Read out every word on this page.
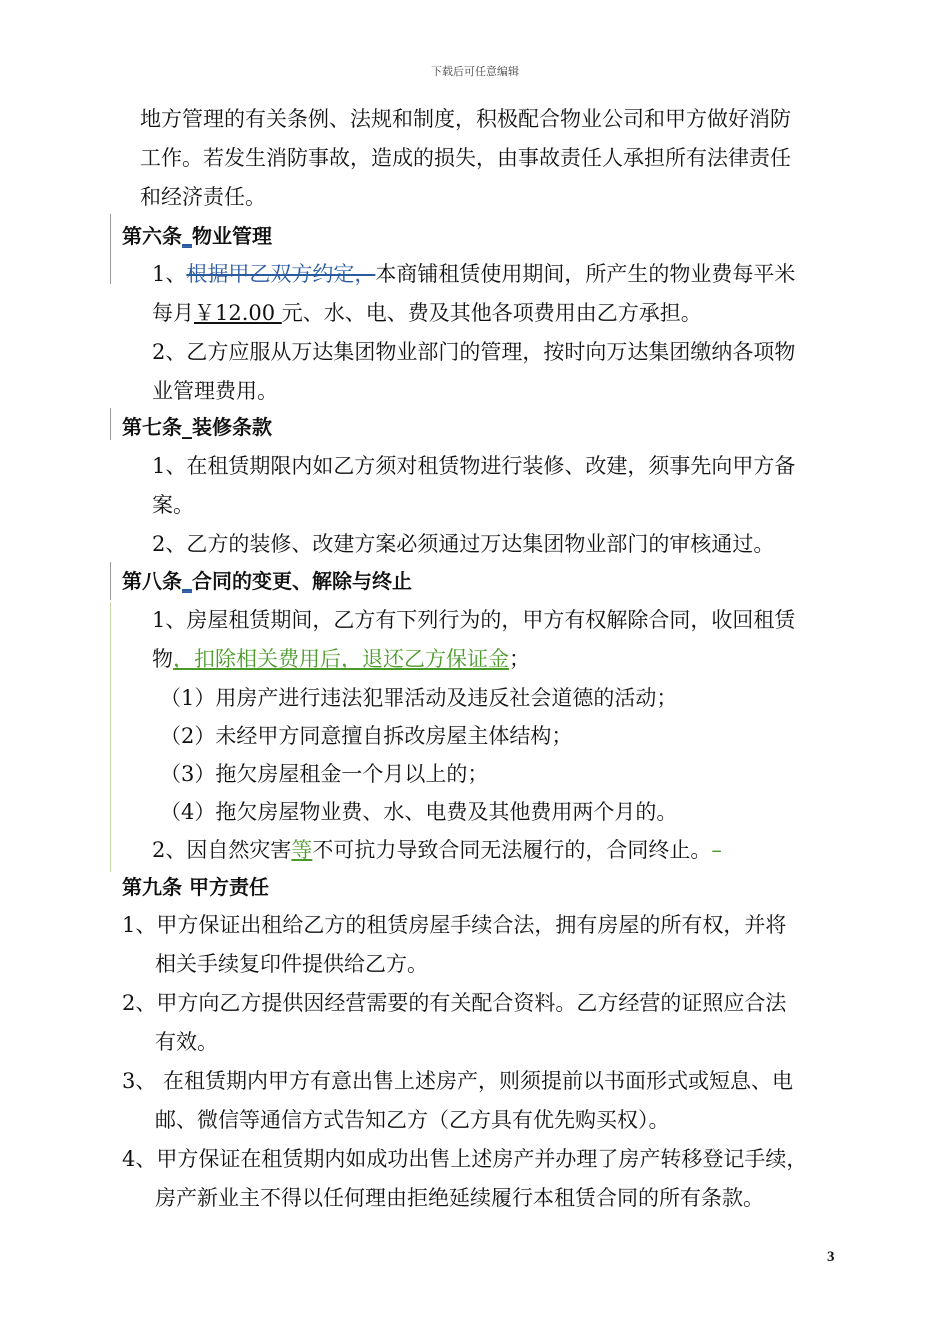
下载后可任意编辑
地方管理的有关条例、法规和制度，积极配合物业公司和甲方做好消防
工作。若发生消防事故，造成的损失，由事故责任人承担所有法律责任
和经济责任。
第六条_物业管理
1、根据甲乙双方约定，本商铺租赁使用期间，所产生的物业费每平米
每月￥12.00 元、水、电、费及其他各项费用由乙方承担。
2、乙方应服从万达集团物业部门的管理，按时向万达集团缴纳各项物
业管理费用。
第七条_装修条款
1、在租赁期限内如乙方须对租赁物进行装修、改建，须事先向甲方备
案。
2、乙方的装修、改建方案必须通过万达集团物业部门的审核通过。
第八条_合同的变更、解除与终止
1、房屋租赁期间，乙方有下列行为的，甲方有权解除合同，收回租赁
物，扣除相关费用后，退还乙方保证金；
（1）用房产进行违法犯罪活动及违反社会道德的活动；
（2）未经甲方同意擅自拆改房屋主体结构；
（3）拖欠房屋租金一个月以上的；
（4）拖欠房屋物业费、水、电费及其他费用两个月的。
2、因自然灾害等不可抗力导致合同无法履行的，合同终止。–
第九条 甲方责任
1、甲方保证出租给乙方的租赁房屋手续合法，拥有房屋的所有权，并将
相关手续复印件提供给乙方。
2、甲方向乙方提供因经营需要的有关配合资料。乙方经营的证照应合法
有效。
3、 在租赁期内甲方有意出售上述房产，则须提前以书面形式或短息、电
邮、微信等通信方式告知乙方（乙方具有优先购买权）。
4、甲方保证在租赁期内如成功出售上述房产并办理了房产转移登记手续，
房产新业主不得以任何理由拒绝延续履行本租赁合同的所有条款。
3
